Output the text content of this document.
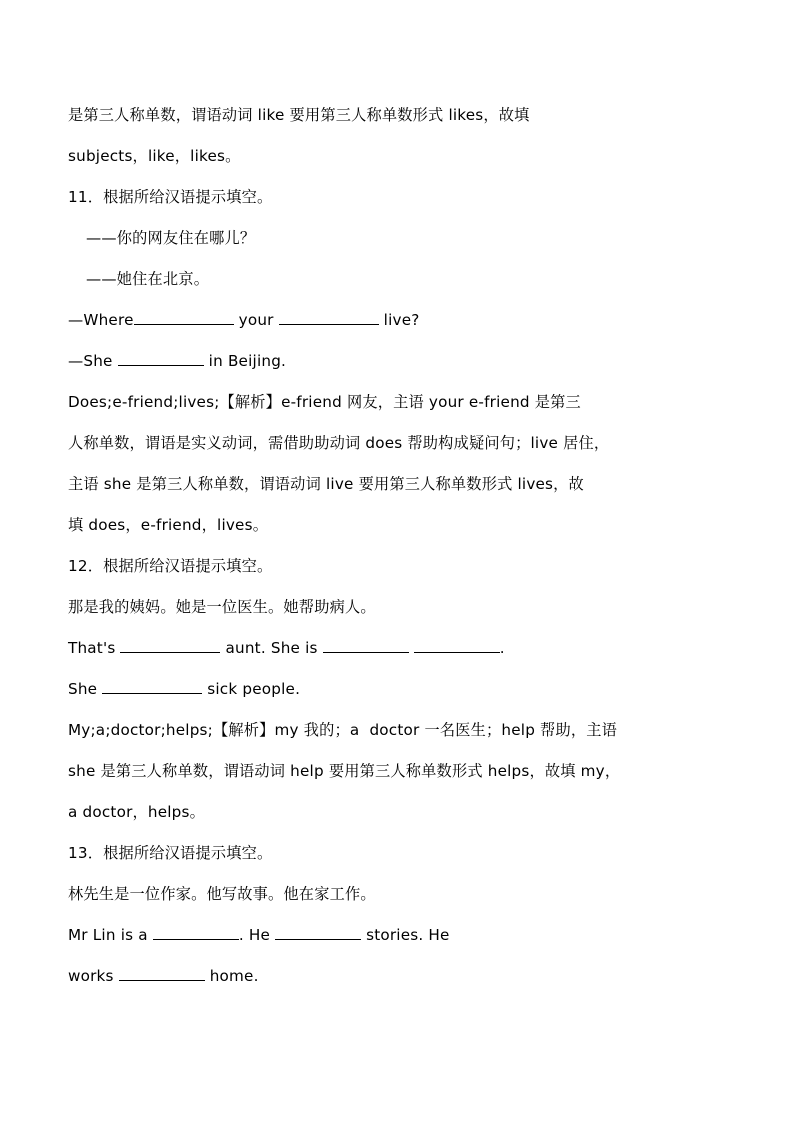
是第三人称单数，谓语动词 like 要用第三人称单数形式 likes，故填
subjects，like，likes。
11．根据所给汉语提示填空。
——你的网友住在哪儿？
——她住在北京。
—Where	your	live?
—She	in Beijing.
Does;e-friend;lives;【解析】e-friend 网友，主语 your e-friend 是第三
人称单数，谓语是实义动词，需借助助动词 does 帮助构成疑问句；live 居住，
主语 she 是第三人称单数，谓语动词 live 要用第三人称单数形式 lives，故
填 does，e-friend，lives。
12．根据所给汉语提示填空。
那是我的姨妈。她是一位医生。她帮助病人。
That's	aunt. She is	.
She	sick people.
My;a;doctor;helps;【解析】my 我的；a  doctor 一名医生；help 帮助，主语
she 是第三人称单数，谓语动词 help 要用第三人称单数形式 helps，故填 my，
a doctor，helps。
13．根据所给汉语提示填空。
林先生是一位作家。他写故事。他在家工作。
Mr Lin is a	. He	stories. He
works	home.
